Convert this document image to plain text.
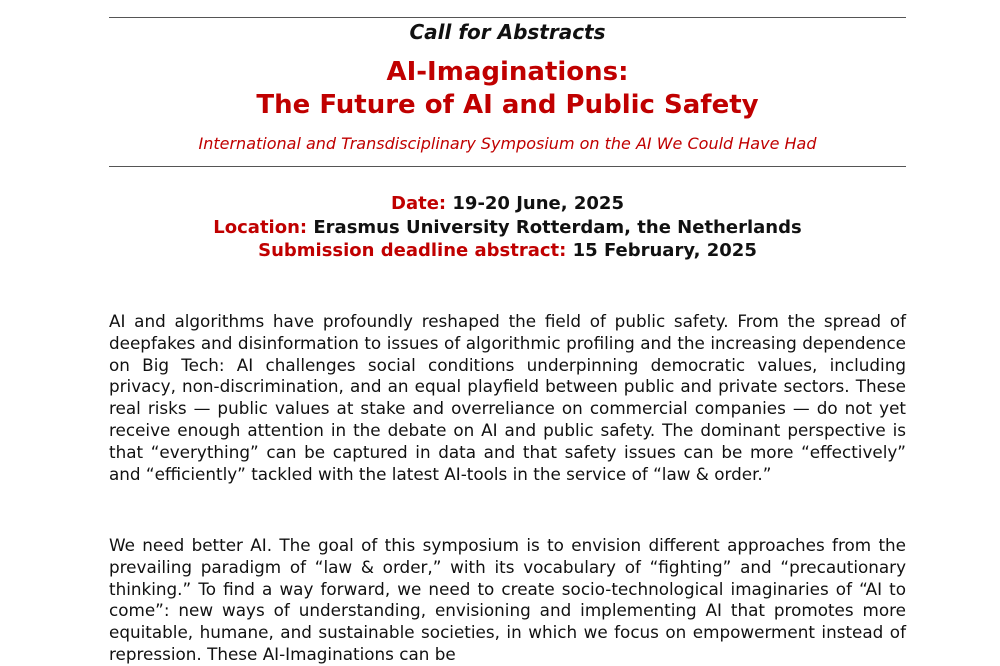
Call for Abstracts
AI-Imaginations:
The Future of AI and Public Safety
International and Transdisciplinary Symposium on the AI We Could Have Had
Date: 19-20 June, 2025
Location: Erasmus University Rotterdam, the Netherlands
Submission deadline abstract: 15 February, 2025

AI and algorithms have profoundly reshaped the field of public safety. From the spread of deepfakes and disinformation to issues of algorithmic profiling and the increasing dependence on Big Tech: AI challenges social conditions underpinning democratic values, including privacy, non-discrimination, and an equal playfield between public and private sectors. These real risks — public values at stake and overreliance on commercial companies — do not yet receive enough attention in the debate on AI and public safety. The dominant perspective is that “everything” can be captured in data and that safety issues can be more “effectively” and “efficiently” tackled with the latest AI-tools in the service of “law & order.”

We need better AI. The goal of this symposium is to envision different approaches from the prevailing paradigm of “law & order,” with its vocabulary of “fighting” and “precautionary thinking.” To find a way forward, we need to create socio-technological imaginaries of “AI to come”: new ways of understanding, envisioning and implementing AI that promotes more equitable, humane, and sustainable societies, in which we focus on empowerment instead of repression. These AI-Imaginations can be
